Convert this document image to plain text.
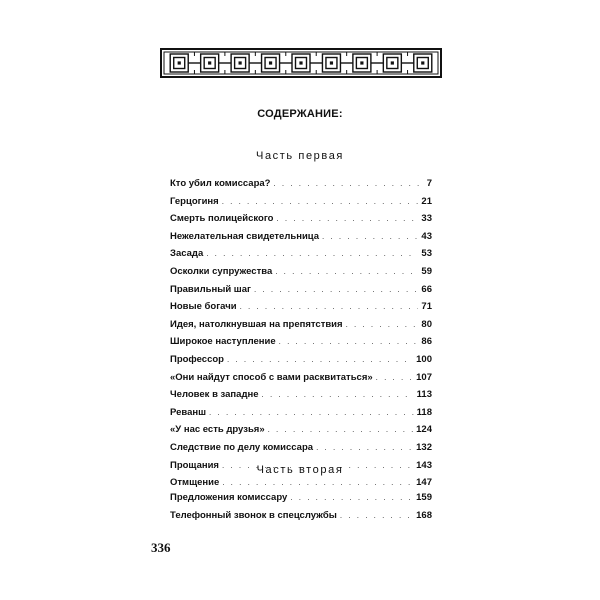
СОДЕРЖАНИЕ:
Часть первая
Кто убил комиссара? . . .	7
Герцогиня . . .	21
Смерть полицейского . . .	33
Нежелательная свидетельница . . .	43
Засада . . .	53
Осколки супружества . . .	59
Правильный шаг . . .	66
Новые богачи . . .	71
Идея, натолкнувшая на препятствия . . .	80
Широкое наступление . . .	86
Профессор . . .	100
«Они найдут способ с вами расквитаться» . . .	107
Человек в западне . . .	113
Реванш . . .	118
«У нас есть друзья» . . .	124
Следствие по делу комиссара . . .	132
Прощания . . .	143
Отмщение . . .	147
Часть вторая
Предложения комиссару . . .	159
Телефонный звонок в спецслужбы . . .	168
336
